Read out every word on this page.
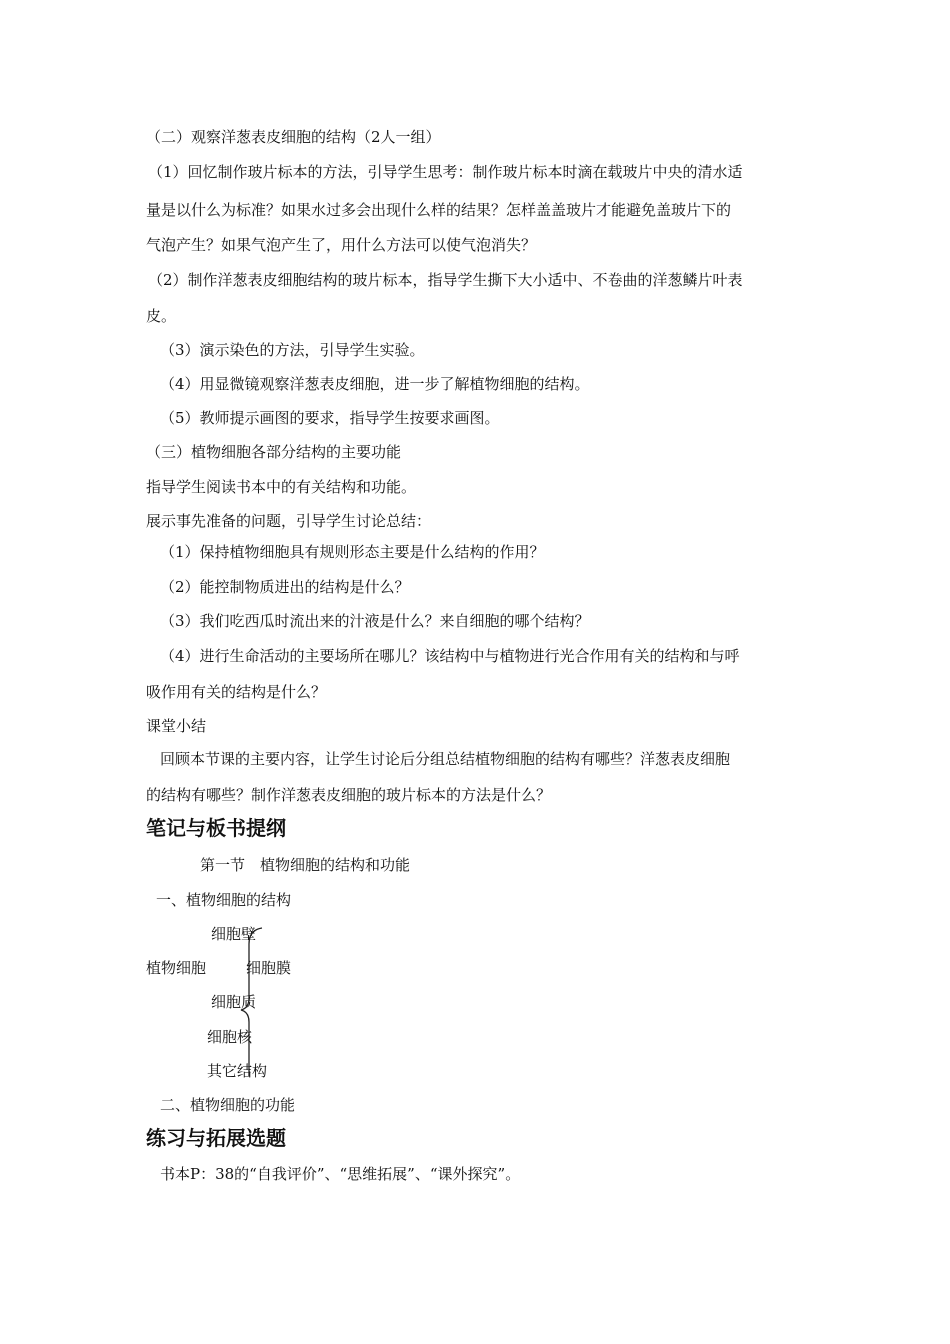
（二）观察洋葱表皮细胞的结构（2人一组）
（1）回忆制作玻片标本的方法，引导学生思考：制作玻片标本时滴在载玻片中央的清水适
量是以什么为标准？如果水过多会出现什么样的结果？怎样盖盖玻片才能避免盖玻片下的
气泡产生？如果气泡产生了，用什么方法可以使气泡消失？
（2）制作洋葱表皮细胞结构的玻片标本，指导学生撕下大小适中、不卷曲的洋葱鳞片叶表
皮。
（3）演示染色的方法，引导学生实验。
（4）用显微镜观察洋葱表皮细胞，进一步了解植物细胞的结构。
（5）教师提示画图的要求，指导学生按要求画图。
（三）植物细胞各部分结构的主要功能
指导学生阅读书本中的有关结构和功能。
展示事先准备的问题，引导学生讨论总结：
（1）保持植物细胞具有规则形态主要是什么结构的作用？
（2）能控制物质进出的结构是什么？
（3）我们吃西瓜时流出来的汁液是什么？来自细胞的哪个结构？
（4）进行生命活动的主要场所在哪儿？该结构中与植物进行光合作用有关的结构和与呼
吸作用有关的结构是什么？
课堂小结
回顾本节课的主要内容，让学生讨论后分组总结植物细胞的结构有哪些？洋葱表皮细胞
的结构有哪些？制作洋葱表皮细胞的玻片标本的方法是什么？
笔记与板书提纲
第一节　植物细胞的结构和功能
一、植物细胞的结构
植物细胞
细胞壁
细胞膜
细胞质
细胞核
其它结构
二、植物细胞的功能
练习与拓展选题
书本P：38的“自我评价”、“思维拓展”、“课外探究”。
